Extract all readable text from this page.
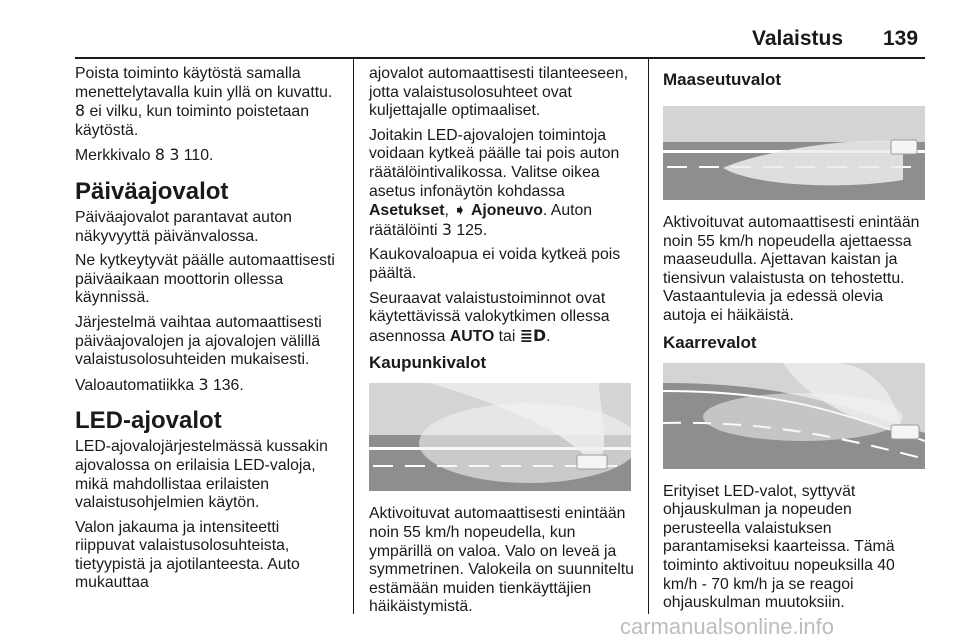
Valaistus 139

Poista toiminto käytöstä samalla menettelytavalla kuin yllä on kuvattu.
8 ei vilku, kun toiminto poistetaan käytöstä.

Merkkivalo 8 3 110.

Päiväajovalot

Päiväajovalot parantavat auton näkyvyyttä päivänvalossa.

Ne kytkeytyvät päälle automaattisesti päiväaikaan moottorin ollessa käynnissä.

Järjestelmä vaihtaa automaattisesti päiväajovalojen ja ajovalojen välillä valaistusolosuhteiden mukaisesti.

Valoautomatiikka 3 136.

LED-ajovalot

LED-ajovalojärjestelmässä kussakin ajovalossa on erilaisia LED-valoja, mikä mahdollistaa erilaisten valaistusohjelmien käytön.

Valon jakauma ja intensiteetti riippuvat valaistusolosuhteista, tietyypistä ja ajotilanteesta. Auto mukauttaa

ajovalot automaattisesti tilanteeseen, jotta valaistusolosuhteet ovat kuljettajalle optimaaliset.

Joitakin LED-ajovalojen toimintoja voidaan kytkeä päälle tai pois auton räätälöintivalikossa. Valitse oikea asetus infonäytön kohdassa
Asetukset, ➧ Ajoneuvo. Auton räätälöinti 3 125.

Kaukovaloapua ei voida kytkeä pois päältä.

Seuraavat valaistustoiminnot ovat käytettävissä valokytkimen ollessa asennossa AUTO tai ≣D.

Kaupunkivalot

Aktivoituvat automaattisesti enintään noin 55 km/h nopeudella, kun ympärillä on valoa. Valo on leveä ja symmetrinen. Valokeila on suunniteltu estämään muiden tienkäyttäjien häikäistymistä.

Maaseutuvalot

Aktivoituvat automaattisesti enintään noin 55 km/h nopeudella ajettaessa maaseudulla. Ajettavan kaistan ja tiensivun valaistusta on tehostettu. Vastaantulevia ja edessä olevia autoja ei häikäistä.

Kaarrevalot

Erityiset LED-valot, syttyvät ohjauskulman ja nopeuden perusteella valaistuksen parantamiseksi kaarteissa. Tämä toiminto aktivoituu nopeuksilla 40 km/h - 70 km/h ja se reagoi ohjauskulman muutoksiin.

carmanualsonline.info
